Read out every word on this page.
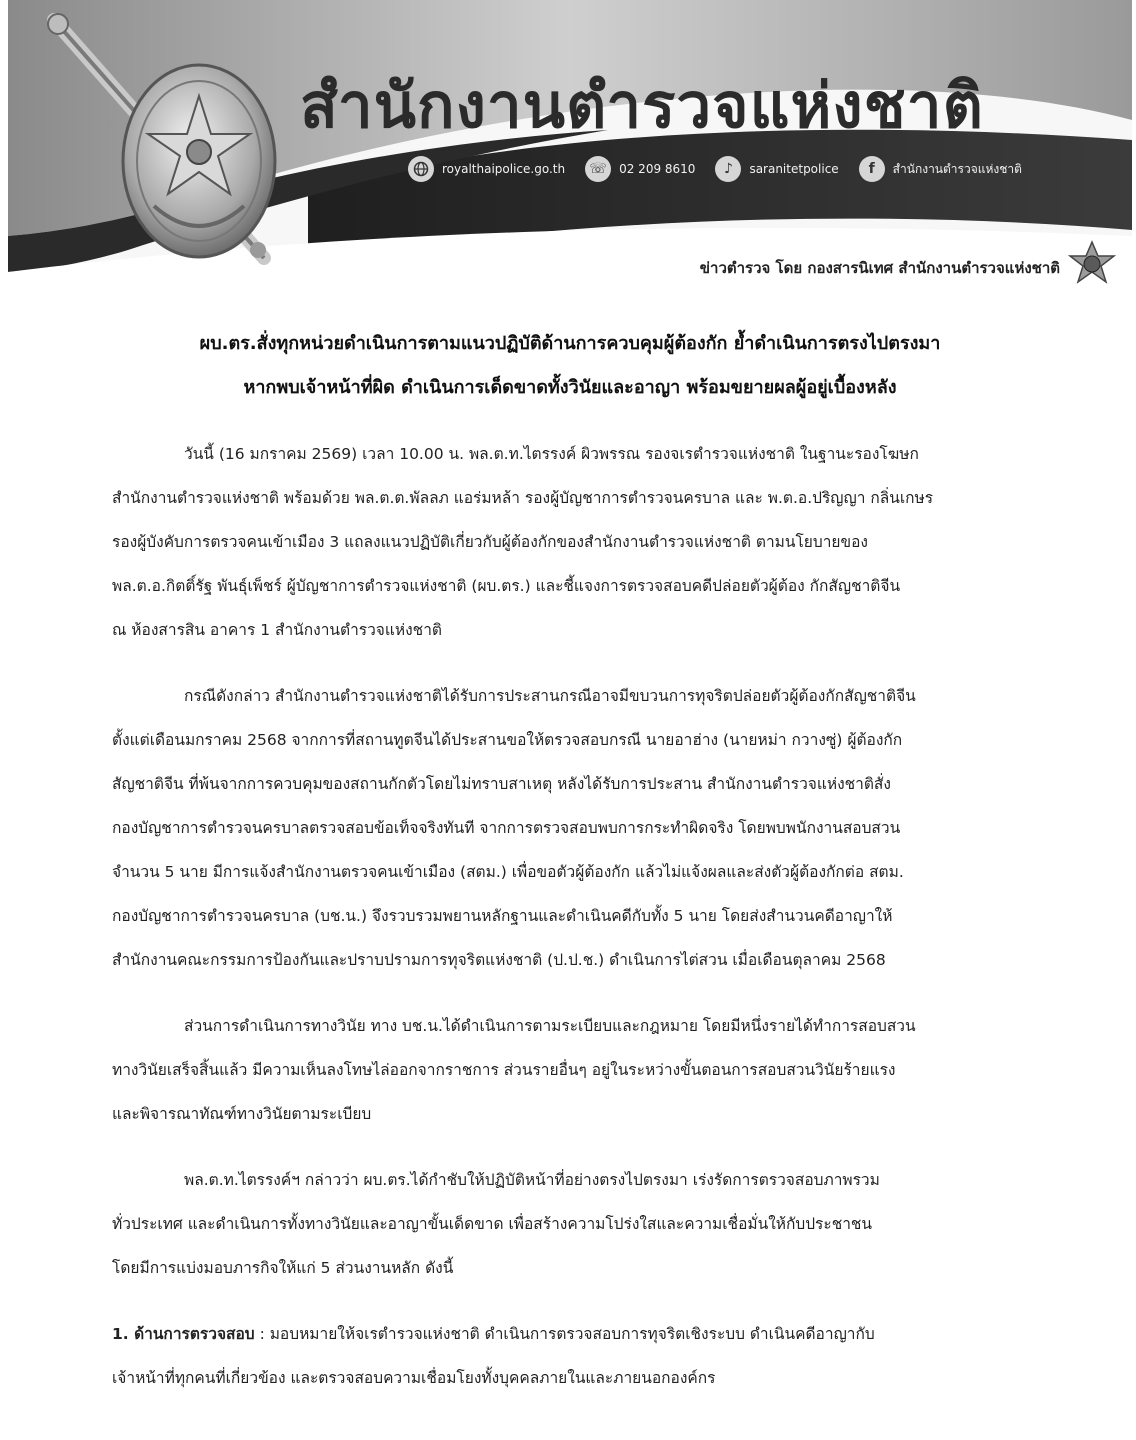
สำนักงานตำรวจแห่งชาติ
royalthaipolice.go.th	☏	02 209 8610	♪	saranitetpolice	f	สำนักงานตำรวจแห่งชาติ
ข่าวตำรวจ โดย กองสารนิเทศ สำนักงานตำรวจแห่งชาติ
ผบ.ตร.สั่งทุกหน่วยดำเนินการตามแนวปฏิบัติด้านการควบคุมผู้ต้องกัก ย้ำดำเนินการตรงไปตรงมา
หากพบเจ้าหน้าที่ผิด ดำเนินการเด็ดขาดทั้งวินัยและอาญา พร้อมขยายผลผู้อยู่เบื้องหลัง
วันนี้ (16 มกราคม 2569) เวลา 10.00 น. พล.ต.ท.ไตรรงค์ ผิวพรรณ รองจเรตำรวจแห่งชาติ ในฐานะรองโฆษก
สำนักงานตำรวจแห่งชาติ พร้อมด้วย พล.ต.ต.พัลลภ แอร่มหล้า รองผู้บัญชาการตำรวจนครบาล และ พ.ต.อ.ปริญญา กลิ่นเกษร
รองผู้บังคับการตรวจคนเข้าเมือง 3 แถลงแนวปฏิบัติเกี่ยวกับผู้ต้องกักของสำนักงานตำรวจแห่งชาติ ตามนโยบายของ
พล.ต.อ.กิตติ์รัฐ พันธุ์เพ็ชร์ ผู้บัญชาการตำรวจแห่งชาติ (ผบ.ตร.) และชี้แจงการตรวจสอบคดีปล่อยตัวผู้ต้อง กักสัญชาติจีน
ณ ห้องสารสิน อาคาร 1 สำนักงานตำรวจแห่งชาติ
กรณีดังกล่าว สำนักงานตำรวจแห่งชาติได้รับการประสานกรณีอาจมีขบวนการทุจริตปล่อยตัวผู้ต้องกักสัญชาติจีน
ตั้งแต่เดือนมกราคม 2568 จากการที่สถานทูตจีนได้ประสานขอให้ตรวจสอบกรณี นายอาฮ่าง (นายหม่า กวางซู่) ผู้ต้องกัก
สัญชาติจีน ที่พ้นจากการควบคุมของสถานกักตัวโดยไม่ทราบสาเหตุ หลังได้รับการประสาน สำนักงานตำรวจแห่งชาติสั่ง
กองบัญชาการตำรวจนครบาลตรวจสอบข้อเท็จจริงทันที จากการตรวจสอบพบการกระทำผิดจริง โดยพบพนักงานสอบสวน
จำนวน 5 นาย มีการแจ้งสำนักงานตรวจคนเข้าเมือง (สตม.) เพื่อขอตัวผู้ต้องกัก แล้วไม่แจ้งผลและส่งตัวผู้ต้องกักต่อ สตม.
กองบัญชาการตำรวจนครบาล (บช.น.) จึงรวบรวมพยานหลักฐานและดำเนินคดีกับทั้ง 5 นาย โดยส่งสำนวนคดีอาญาให้
สำนักงานคณะกรรมการป้องกันและปราบปรามการทุจริตแห่งชาติ (ป.ป.ช.) ดำเนินการไต่สวน เมื่อเดือนตุลาคม 2568
ส่วนการดำเนินการทางวินัย ทาง บช.น.ได้ดำเนินการตามระเบียบและกฎหมาย โดยมีหนึ่งรายได้ทำการสอบสวน
ทางวินัยเสร็จสิ้นแล้ว มีความเห็นลงโทษไล่ออกจากราชการ ส่วนรายอื่นๆ อยู่ในระหว่างขั้นตอนการสอบสวนวินัยร้ายแรง
และพิจารณาทัณฑ์ทางวินัยตามระเบียบ
พล.ต.ท.ไตรรงค์ฯ กล่าวว่า ผบ.ตร.ได้กำชับให้ปฏิบัติหน้าที่อย่างตรงไปตรงมา เร่งรัดการตรวจสอบภาพรวม
ทั่วประเทศ และดำเนินการทั้งทางวินัยและอาญาขั้นเด็ดขาด เพื่อสร้างความโปร่งใสและความเชื่อมั่นให้กับประชาชน
โดยมีการแบ่งมอบภารกิจให้แก่ 5 ส่วนงานหลัก ดังนี้
1. ด้านการตรวจสอบ : มอบหมายให้จเรตำรวจแห่งชาติ ดำเนินการตรวจสอบการทุจริตเชิงระบบ ดำเนินคดีอาญากับ
เจ้าหน้าที่ทุกคนที่เกี่ยวข้อง และตรวจสอบความเชื่อมโยงทั้งบุคคลภายในและภายนอกองค์กร
